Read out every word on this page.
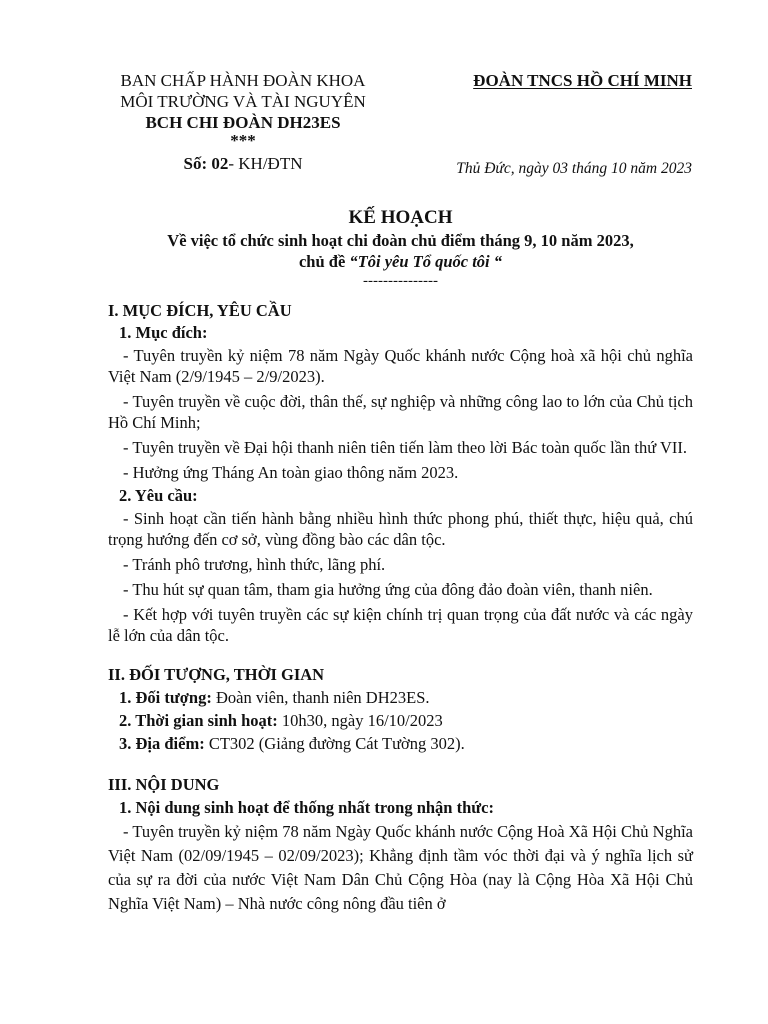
BAN CHẤP HÀNH ĐOÀN KHOA
MÔI TRƯỜNG VÀ TÀI NGUYÊN
BCH CHI ĐOÀN DH23ES
***
Số: 02- KH/ĐTN
ĐOÀN TNCS HỒ CHÍ MINH
Thủ Đức, ngày 03 tháng 10 năm 2023
KẾ HOẠCH
Về việc tổ chức sinh hoạt chi đoàn chủ điểm tháng 9, 10 năm 2023,
chủ đề “Tôi yêu Tổ quốc tôi “
---------------

I. MỤC ĐÍCH, YÊU CẦU

1. Mục đích:

- Tuyên truyền kỷ niệm 78 năm Ngày Quốc khánh nước Cộng hoà xã hội chủ nghĩa Việt Nam (2/9/1945 – 2/9/2023).

- Tuyên truyền về cuộc đời, thân thế, sự nghiệp và những công lao to lớn của Chủ tịch Hồ Chí Minh;

- Tuyên truyền về Đại hội thanh niên tiên tiến làm theo lời Bác toàn quốc lần thứ VII.

- Hưởng ứng Tháng An toàn giao thông năm 2023.

2. Yêu cầu:

- Sinh hoạt cần tiến hành bằng nhiều hình thức phong phú, thiết thực, hiệu quả, chú trọng hướng đến cơ sở, vùng đồng bào các dân tộc.

- Tránh phô trương, hình thức, lãng phí.

- Thu hút sự quan tâm, tham gia hưởng ứng của đông đảo đoàn viên, thanh niên.

- Kết hợp với tuyên truyền các sự kiện chính trị quan trọng của đất nước và các ngày lễ lớn của dân tộc.

II. ĐỐI TƯỢNG, THỜI GIAN

1. Đối tượng: Đoàn viên, thanh niên DH23ES.

2. Thời gian sinh hoạt: 10h30, ngày 16/10/2023

3. Địa điểm: CT302 (Giảng đường Cát Tường 302).

III. NỘI DUNG

1. Nội dung sinh hoạt để thống nhất trong nhận thức:

- Tuyên truyền kỷ niệm 78 năm Ngày Quốc khánh nước Cộng Hoà Xã Hội Chủ Nghĩa Việt Nam (02/09/1945 – 02/09/2023); Khẳng định tầm vóc thời đại và ý nghĩa lịch sử của sự ra đời của nước Việt Nam Dân Chủ Cộng Hòa (nay là Cộng Hòa Xã Hội Chủ Nghĩa Việt Nam) – Nhà nước công nông đầu tiên ở
